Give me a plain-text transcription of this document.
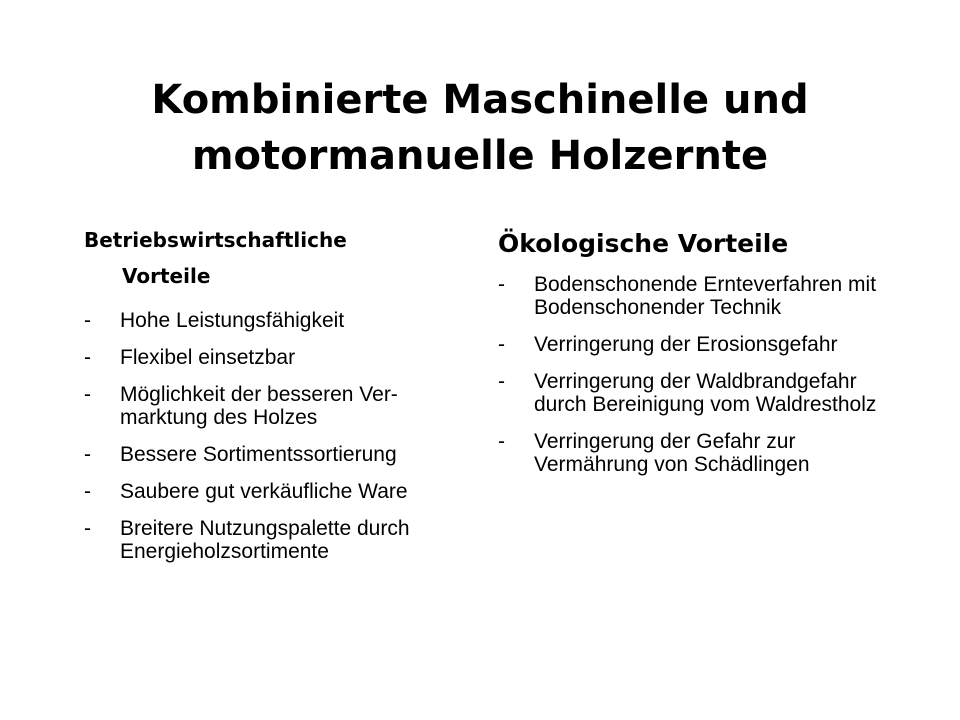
Kombinierte Maschinelle und
motormanuelle Holzernte
Betriebswirtschaftliche
Vorteile
- Hohe Leistungsfähigkeit
- Flexibel einsetzbar
- Möglichkeit der besseren Ver-marktung des Holzes
- Bessere Sortimentssortierung
- Saubere gut verkäufliche Ware
- Breitere Nutzungspalette durch Energieholzsortimente
Ökologische Vorteile
- Bodenschonende Ernteverfahren mit Bodenschonender Technik
- Verringerung der Erosionsgefahr
- Verringerung der Waldbrandgefahr durch Bereinigung vom Waldrestholz
- Verringerung der Gefahr zur Vermährung von Schädlingen
